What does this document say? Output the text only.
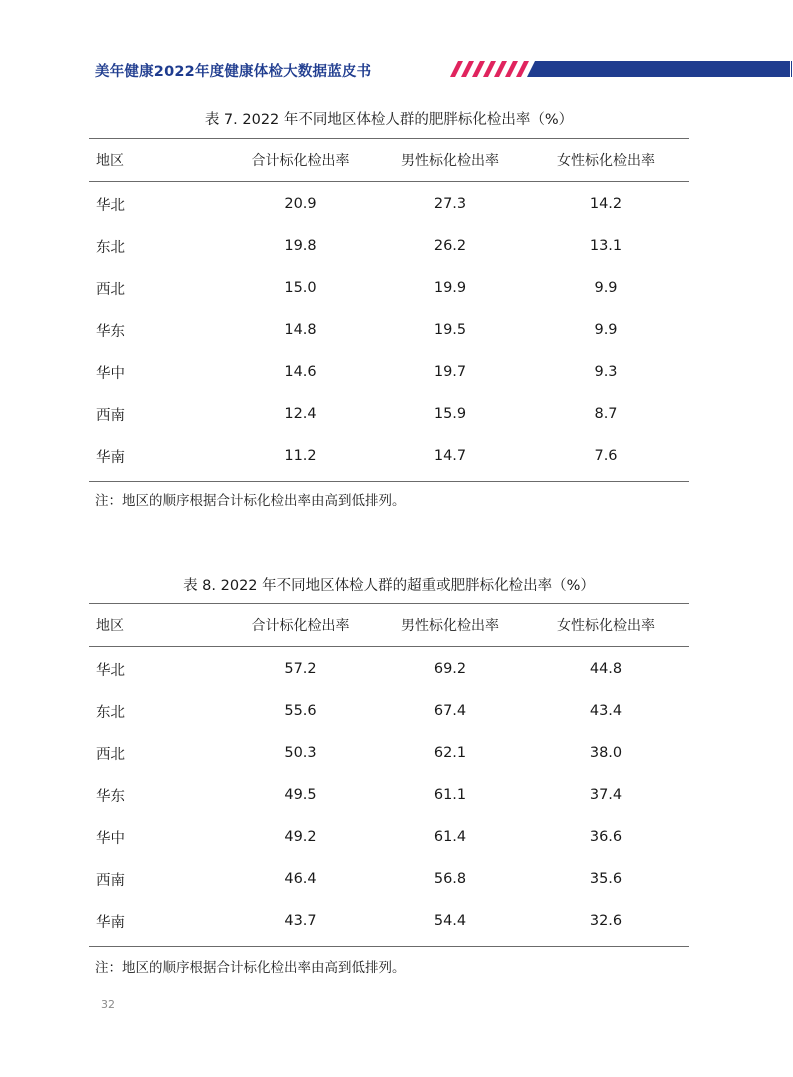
美年健康2022年度健康体检大数据蓝皮书
表 7. 2022 年不同地区体检人群的肥胖标化检出率（%）
地区	合计标化检出率	男性标化检出率	女性标化检出率
华北	20.9	27.3	14.2
东北	19.8	26.2	13.1
西北	15.0	19.9	9.9
华东	14.8	19.5	9.9
华中	14.6	19.7	9.3
西南	12.4	15.9	8.7
华南	11.2	14.7	7.6
注：地区的顺序根据合计标化检出率由高到低排列。
表 8. 2022 年不同地区体检人群的超重或肥胖标化检出率（%）
地区	合计标化检出率	男性标化检出率	女性标化检出率
华北	57.2	69.2	44.8
东北	55.6	67.4	43.4
西北	50.3	62.1	38.0
华东	49.5	61.1	37.4
华中	49.2	61.4	36.6
西南	46.4	56.8	35.6
华南	43.7	54.4	32.6
注：地区的顺序根据合计标化检出率由高到低排列。
32
